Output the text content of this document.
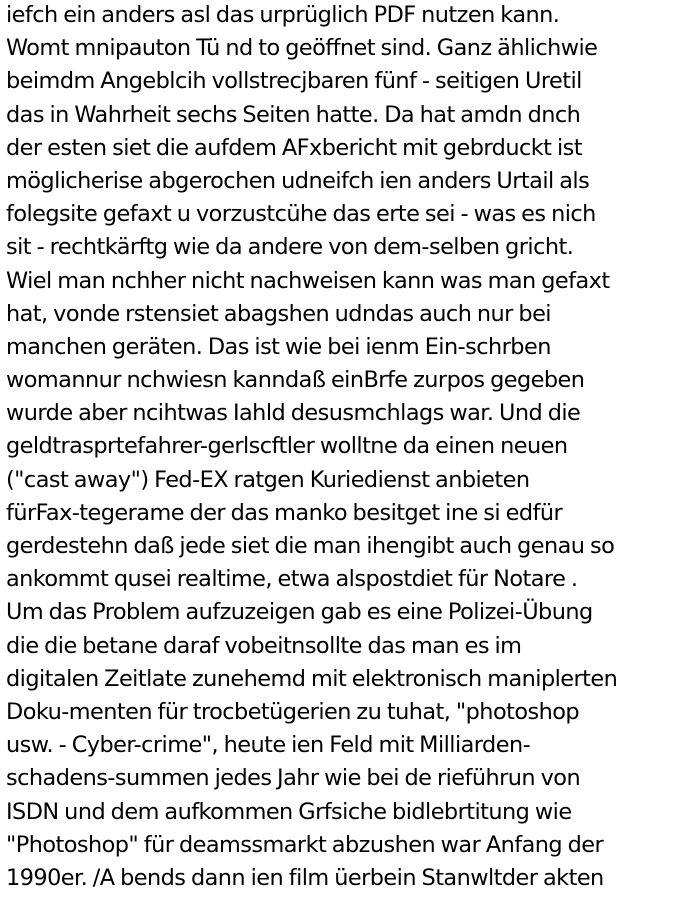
iefch ein anders asl das urprüglich PDF nutzen kann.
Womt mnipauton Tü nd to geöffnet sind. Ganz ählichwie
beimdm Angeblcih vollstrecjbaren fünf - seitigen Uretil
das in Wahrheit sechs Seiten hatte. Da hat amdn dnch
der esten siet die aufdem AFxbericht mit gebrduckt ist
möglicherise abgerochen udneifch ien anders Urtail als
folegsite gefaxt u vorzustcühe das erte sei - was es nich
sit - rechtkärftg wie da andere von dem-selben gricht.
Wiel man nchher nicht nachweisen kann was man gefaxt
hat, vonde rstensiet abagshen udndas auch nur bei
manchen geräten. Das ist wie bei ienm Ein-schrben
womannur nchwiesn kanndaß einBrfe zurpos gegeben
wurde aber ncihtwas Iahld desusmchlags war. Und die
geldtrasprtefahrer-gerlscftler wolltne da einen neuen
("cast away") Fed-EX ratgen Kuriedienst anbieten
fürFax-tegerame der das manko besitget ine si edfür
gerdestehn daß jede siet die man ihengibt auch genau so
ankommt qusei realtime, etwa alspostdiet für Notare .
Um das Problem aufzuzeigen gab es eine Polizei-Übung
die die betane daraf vobeitnsollte das man es im
digitalen Zeitlate zunehemd mit elektronisch maniplerten
Doku-menten für trocbetügerien zu tuhat, "photoshop
usw. - Cyber-crime", heute ien Feld mit Milliarden-
schadens-summen jedes Jahr wie bei de rieführun von
ISDN und dem aufkommen Grfsiche bidlebrtitung wie
"Photoshop" für deamssmarkt abzushen war Anfang der
1990er. /A bends dann ien film üerbein Stanwltder akten
